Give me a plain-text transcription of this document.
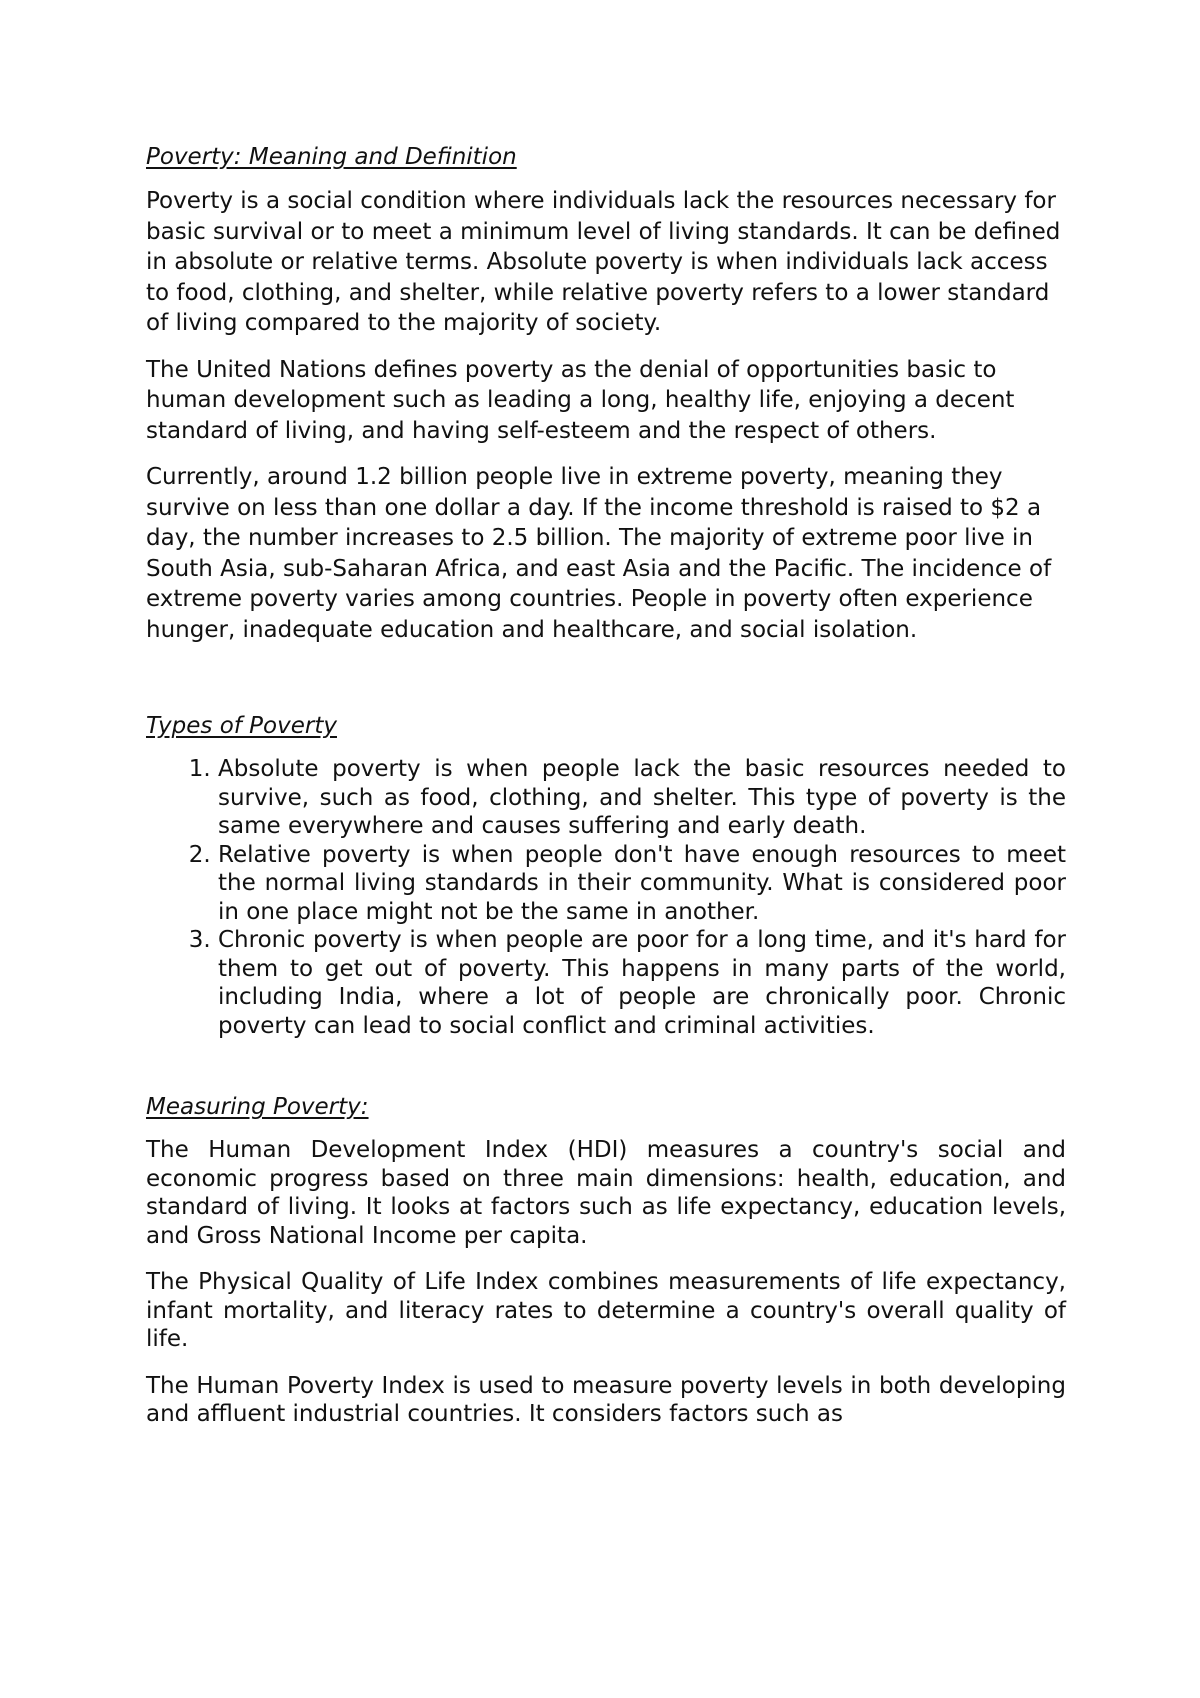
Poverty: Meaning and Definition

Poverty is a social condition where individuals lack the resources necessary for basic survival or to meet a minimum level of living standards. It can be defined in absolute or relative terms. Absolute poverty is when individuals lack access to food, clothing, and shelter, while relative poverty refers to a lower standard of living compared to the majority of society.

The United Nations defines poverty as the denial of opportunities basic to human development such as leading a long, healthy life, enjoying a decent standard of living, and having self-esteem and the respect of others.

Currently, around 1.2 billion people live in extreme poverty, meaning they survive on less than one dollar a day. If the income threshold is raised to $2 a day, the number increases to 2.5 billion. The majority of extreme poor live in South Asia, sub-Saharan Africa, and east Asia and the Pacific. The incidence of extreme poverty varies among countries. People in poverty often experience hunger, inadequate education and healthcare, and social isolation.

Types of Poverty
1. Absolute poverty is when people lack the basic resources needed to survive, such as food, clothing, and shelter. This type of poverty is the same everywhere and causes suffering and early death.
2. Relative poverty is when people don't have enough resources to meet the normal living standards in their community. What is considered poor in one place might not be the same in another.
3. Chronic poverty is when people are poor for a long time, and it's hard for them to get out of poverty. This happens in many parts of the world, including India, where a lot of people are chronically poor. Chronic poverty can lead to social conflict and criminal activities.
Measuring Poverty:

The Human Development Index (HDI) measures a country's social and economic progress based on three main dimensions: health, education, and standard of living. It looks at factors such as life expectancy, education levels, and Gross National Income per capita.

The Physical Quality of Life Index combines measurements of life expectancy, infant mortality, and literacy rates to determine a country's overall quality of life.

The Human Poverty Index is used to measure poverty levels in both developing and affluent industrial countries. It considers factors such as
